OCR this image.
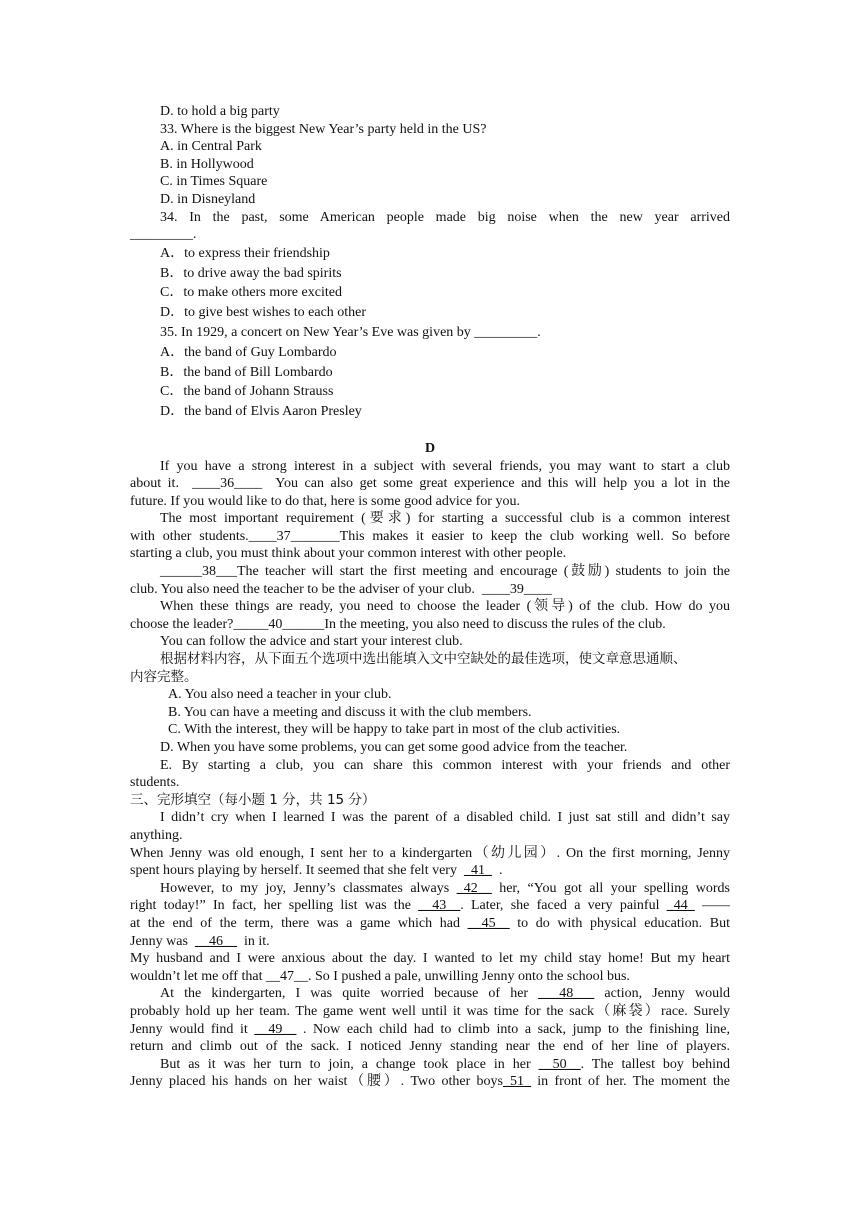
D. to hold a big party
33. Where is the biggest New Year’s party held in the US?
A. in Central Park
B. in Hollywood
C. in Times Square
D. in Disneyland
34. In the past, some American people made big noise when the new year arrived
_________.
A．to express their friendship
B．to drive away the bad spirits
C．to make others more excited
D．to give best wishes to each other
35. In 1929, a concert on New Year’s Eve was given by _________.
A．the band of Guy Lombardo
B．the band of Bill Lombardo
C．the band of Johann Strauss
D．the band of Elvis Aaron Presley
D
If you have a strong interest in a subject with several friends, you may want to start a club
about it. ____36____ You can also get some great experience and this will help you a lot in the
future. If you would like to do that, here is some good advice for you.
The most important requirement (要求) for starting a successful club is a common interest
with other students.____37_______This makes it easier to keep the club working well. So before
starting a club, you must think about your common interest with other people.
______38___The teacher will start the first meeting and encourage (鼓励) students to join the
club. You also need the teacher to be the adviser of your club. ____39____
When these things are ready, you need to choose the leader (领导) of the club. How do you
choose the leader?_____40______In the meeting, you also need to discuss the rules of the club.
You can follow the advice and start your interest club.
根据材料内容，从下面五个选项中选出能填入文中空缺处的最佳选项，使文章意思通顺、
内容完整。
A. You also need a teacher in your club.
B. You can have a meeting and discuss it with the club members.
C. With the interest, they will be happy to take part in most of the club activities.
D. When you have some problems, you can get some good advice from the teacher.
E. By starting a club, you can share this common interest with your friends and other
students.
三、完形填空（每小题 1 分，共 15 分）
I didn’t cry when I learned I was the parent of a disabled child. I just sat still and didn’t say
anything.
When Jenny was old enough, I sent her to a kindergarten（幼儿园）. On the first morning, Jenny
spent hours playing by herself. It seemed that she felt very _41_ .
However, to my joy, Jenny’s classmates always _42__ her, “You got all your spelling words
right today!” In fact, her spelling list was the __43__. Later, she faced a very painful _44_ ——
at the end of the term, there was a game which had __45__ to do with physical education. But
Jenny was __46__ in it.
My husband and I were anxious about the day. I wanted to let my child stay home! But my heart
wouldn’t let me off that __47__. So I pushed a pale, unwilling Jenny onto the school bus.
At the kindergarten, I was quite worried because of her ___48___ action, Jenny would
probably hold up her team. The game went well until it was time for the sack（麻袋）race. Surely
Jenny would find it __49__ . Now each child had to climb into a sack, jump to the finishing line,
return and climb out of the sack. I noticed Jenny standing near the end of her line of players.
But as it was her turn to join, a change took place in her __50__. The tallest boy behind
Jenny placed his hands on her waist（腰）. Two other boys_51_ in front of her. The moment the
